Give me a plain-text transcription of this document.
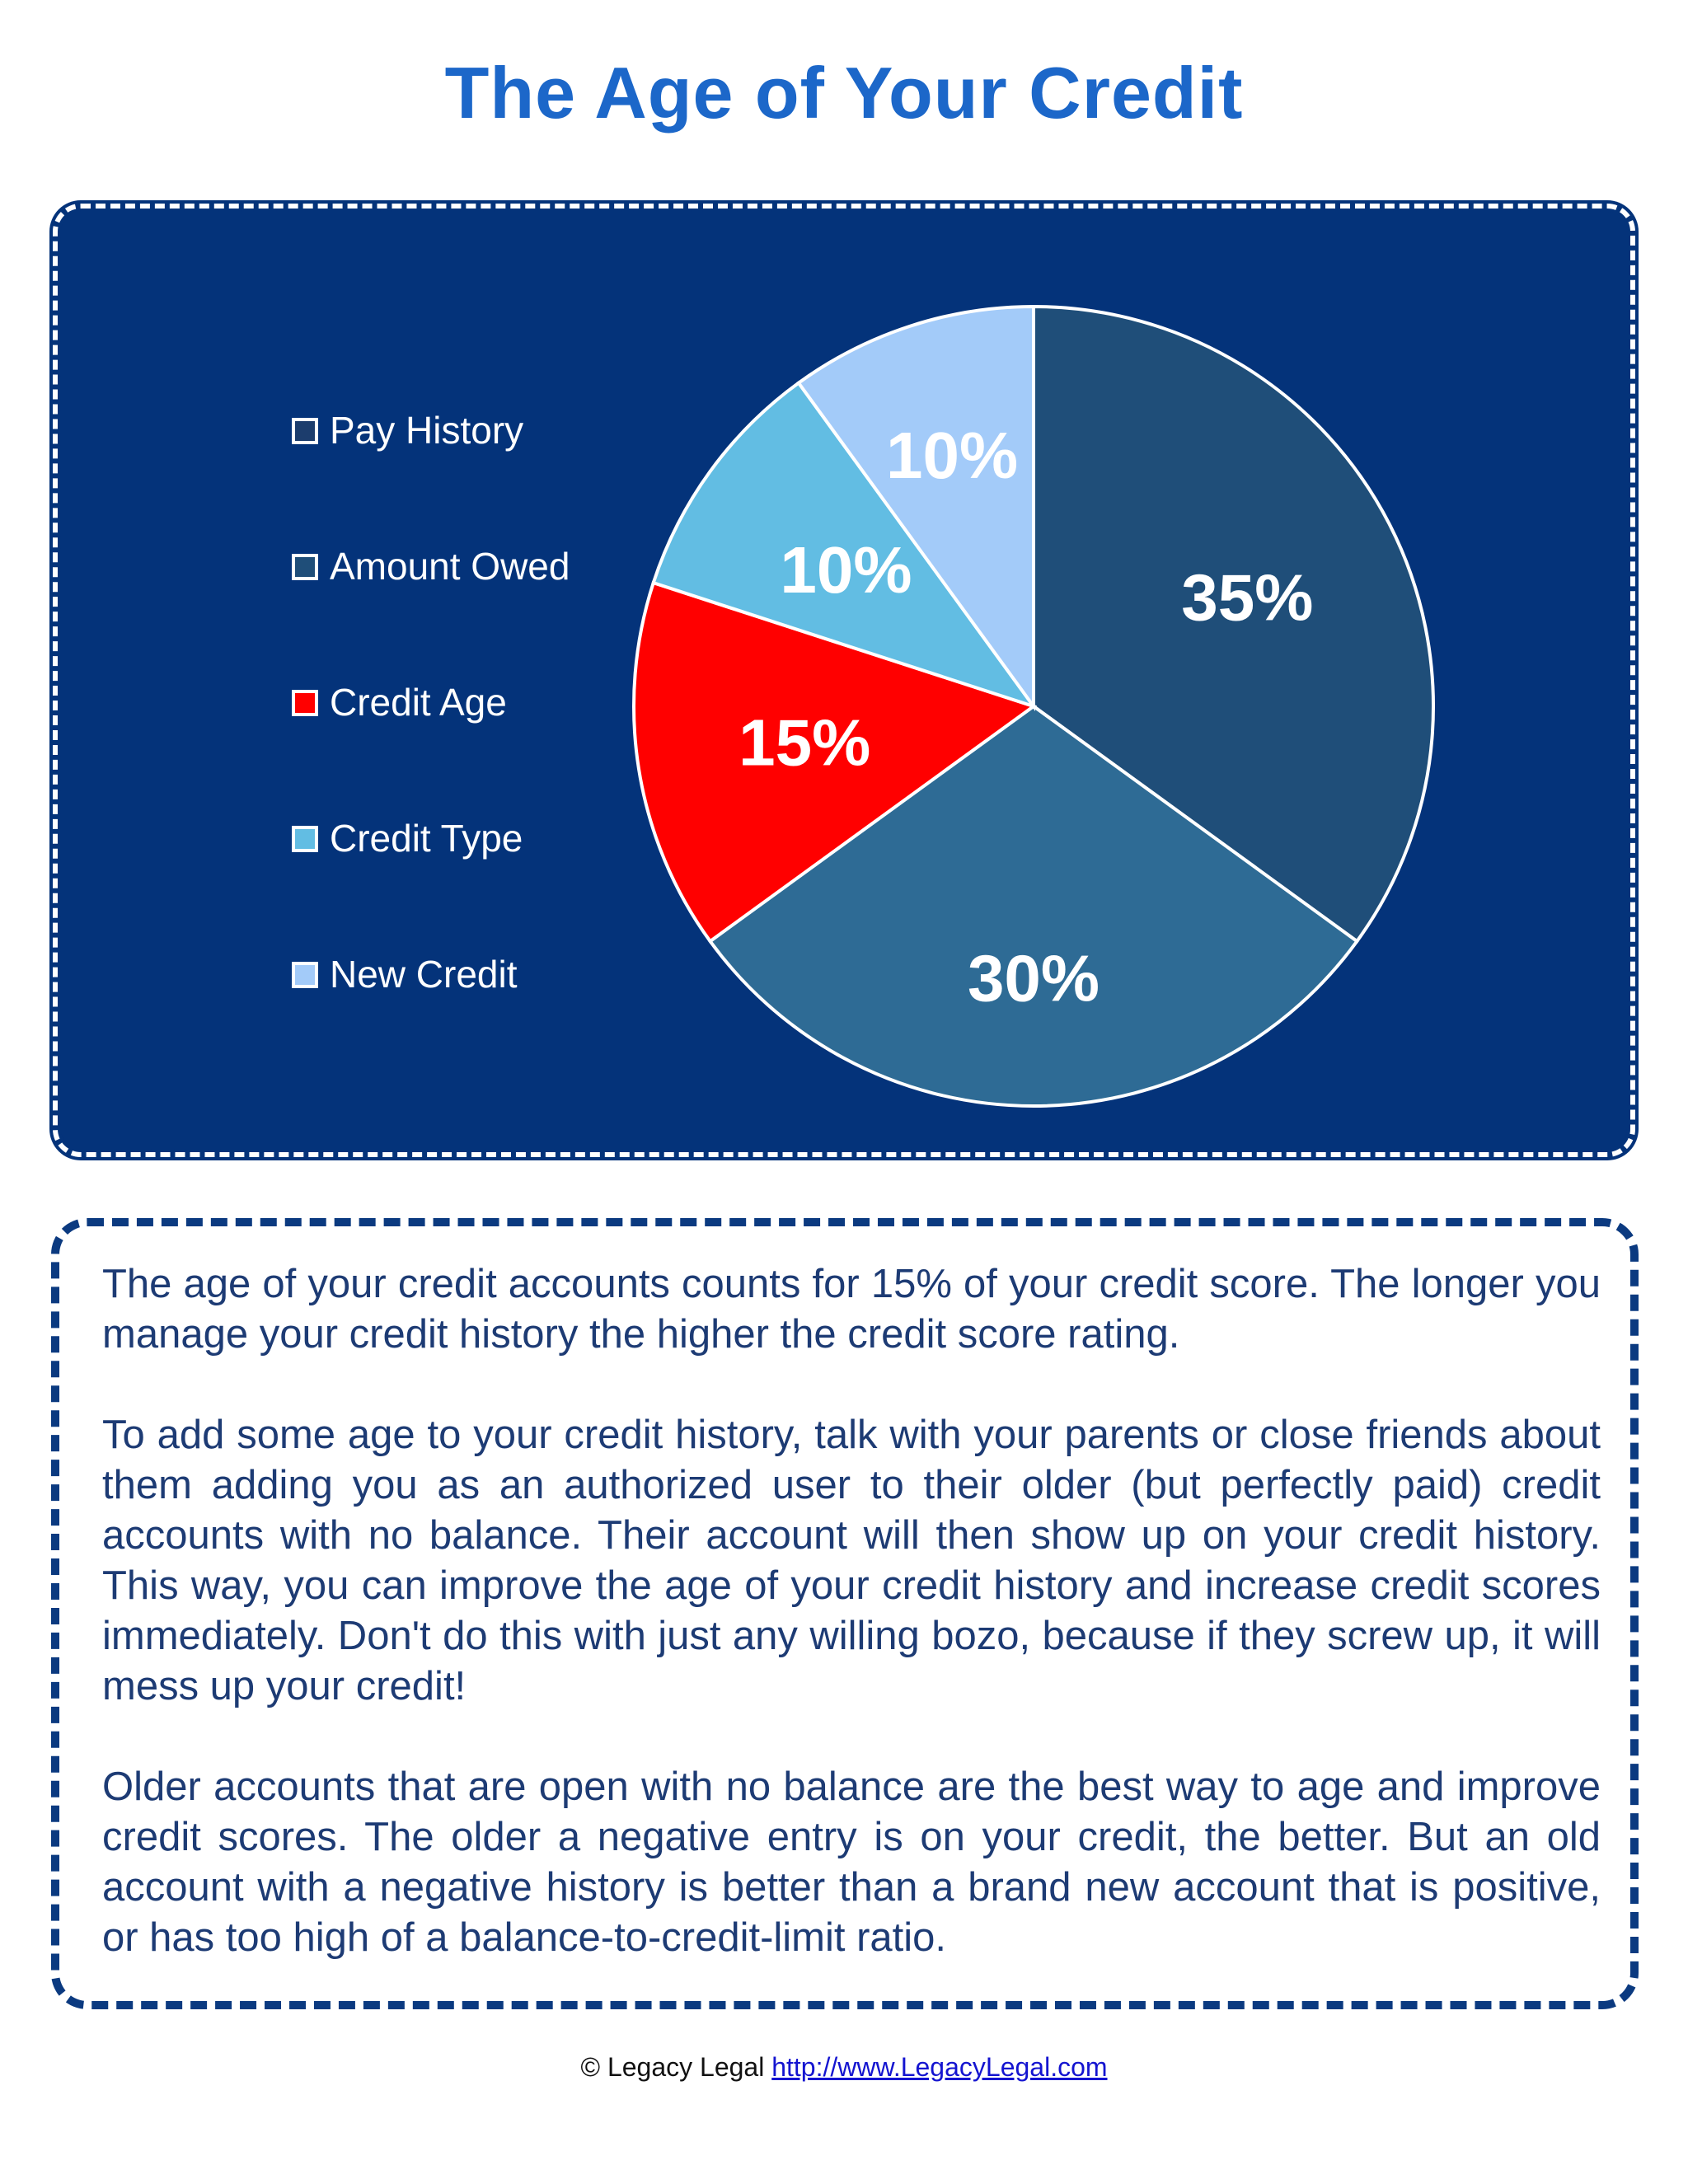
The Age of Your Credit
Pay History
Amount Owed
Credit Age
Credit Type
New Credit
35%
30%
15%
10%
10%

The age of your credit accounts counts for 15% of your credit score. The longer you manage your credit history the higher the credit score rating.

To add some age to your credit history, talk with your parents or close friends about them adding you as an authorized user to their older (but perfectly paid) credit accounts with no balance. Their account will then show up on your credit history. This way, you can improve the age of your credit history and increase credit scores immediately. Don't do this with just any willing bozo, because if they screw up, it will mess up your credit!

Older accounts that are open with no balance are the best way to age and improve credit scores. The older a negative entry is on your credit, the better. But an old account with a negative history is better than a brand new account that is positive, or has too high of a balance-to-credit-limit ratio.

© Legacy Legal http://www.LegacyLegal.com
